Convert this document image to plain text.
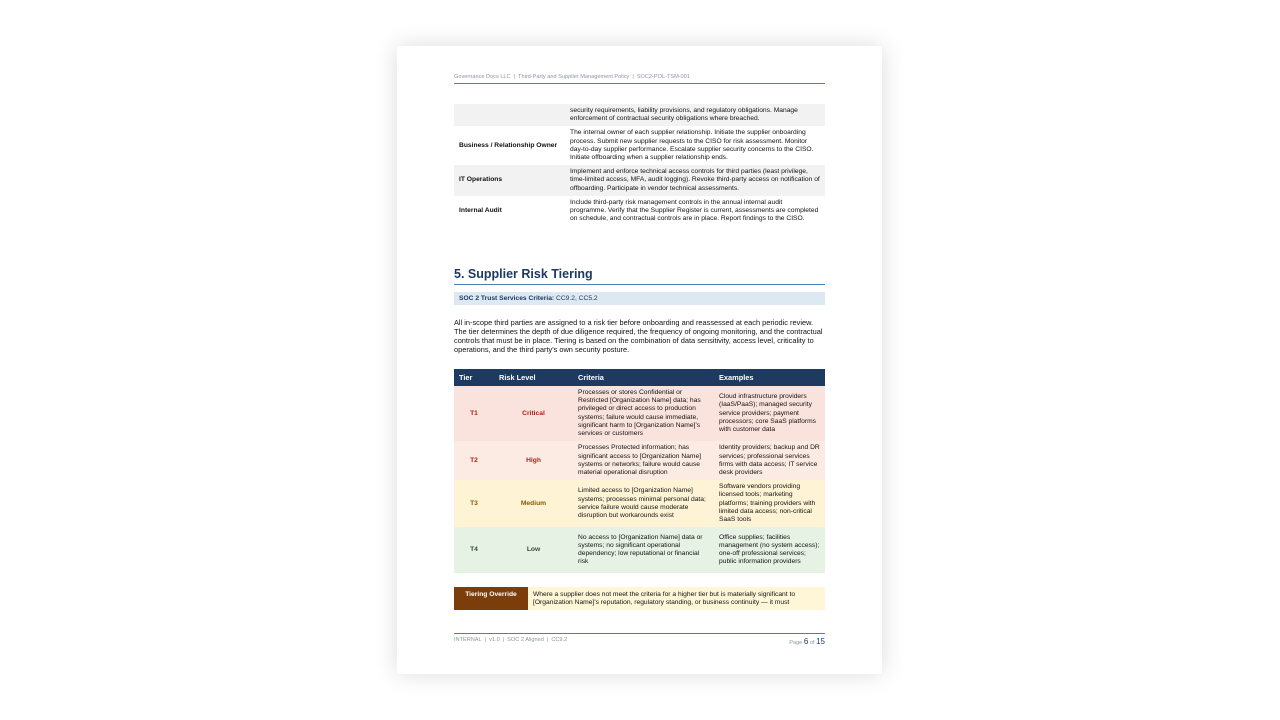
Governance Docs LLC | Third-Party and Supplier Management Policy | SOC2-POL-TSM-001
	security requirements, liability provisions, and regulatory obligations. Manage enforcement of contractual security obligations where breached.
Business / Relationship Owner	The internal owner of each supplier relationship. Initiate the supplier onboarding process. Submit new supplier requests to the CISO for risk assessment. Monitor day-to-day supplier performance. Escalate supplier security concerns to the CISO. Initiate offboarding when a supplier relationship ends.
IT Operations	Implement and enforce technical access controls for third parties (least privilege, time-limited access, MFA, audit logging). Revoke third-party access on notification of offboarding. Participate in vendor technical assessments.
Internal Audit	Include third-party risk management controls in the annual internal audit programme. Verify that the Supplier Register is current, assessments are completed on schedule, and contractual controls are in place. Report findings to the CISO.
5. Supplier Risk Tiering
SOC 2 Trust Services Criteria: CC9.2, CC5.2

All in-scope third parties are assigned to a risk tier before onboarding and reassessed at each periodic review. The tier determines the depth of due diligence required, the frequency of ongoing monitoring, and the contractual controls that must be in place. Tiering is based on the combination of data sensitivity, access level, criticality to operations, and the third party's own security posture.

Tier	Risk Level	Criteria	Examples
T1	Critical	Processes or stores Confidential or Restricted [Organization Name] data; has privileged or direct access to production systems; failure would cause immediate, significant harm to [Organization Name]'s services or customers	Cloud infrastructure providers (IaaS/PaaS); managed security service providers; payment processors; core SaaS platforms with customer data
T2	High	Processes Protected information; has significant access to [Organization Name] systems or networks; failure would cause material operational disruption	Identity providers; backup and DR services; professional services firms with data access; IT service desk providers
T3	Medium	Limited access to [Organization Name] systems; processes minimal personal data; service failure would cause moderate disruption but workarounds exist	Software vendors providing licensed tools; marketing platforms; training providers with limited data access; non-critical SaaS tools
T4	Low	No access to [Organization Name] data or systems; no significant operational dependency; low reputational or financial risk	Office supplies; facilities management (no system access); one-off professional services; public information providers
Tiering Override	Where a supplier does not meet the criteria for a higher tier but is materially significant to [Organization Name]'s reputation, regulatory standing, or business continuity — it must
INTERNAL | v1.0 | SOC 2 Aligned | CC9.2	Page 6 of 15
